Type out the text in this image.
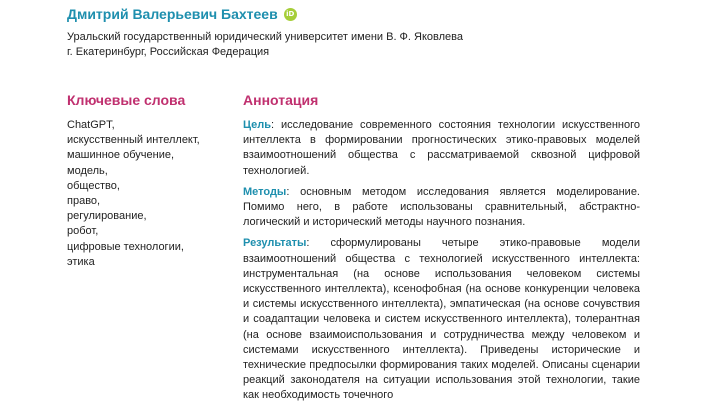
Дмитрий Валерьевич Бахтеев	iD
Уральский государственный юридический университет имени В. Ф. Яковлева
г. Екатеринбург, Российская Федерация
Ключевые слова
ChatGPT,
искусственный интеллект,
машинное обучение,
модель,
общество,
право,
регулирование,
робот,
цифровые технологии,
этика
Аннотация

Цель: исследование современного состояния технологии искусственного интеллекта в формировании прогностических этико-правовых моделей взаимоотношений общества с рассматриваемой сквозной цифровой технологией.

Методы: основным методом исследования является моделирование. Помимо него, в работе использованы сравнительный, абстрактно-логический и исторический методы научного познания.

Результаты: сформулированы четыре этико-правовые модели взаимоотношений общества с технологией искусственного интеллекта: инструментальная (на основе использования человеком системы искусственного интеллекта), ксенофобная (на основе конкуренции человека и системы искусственного интеллекта), эмпатическая (на основе сочувствия и соадаптации человека и систем искусственного интеллекта), толерантная (на основе взаимоиспользования и сотрудничества между человеком и системами искусственного интеллекта). Приведены исторические и технические предпосылки формирования таких моделей. Описаны сценарии реакций законодателя на ситуации использования этой технологии, такие как необходимость точечного
